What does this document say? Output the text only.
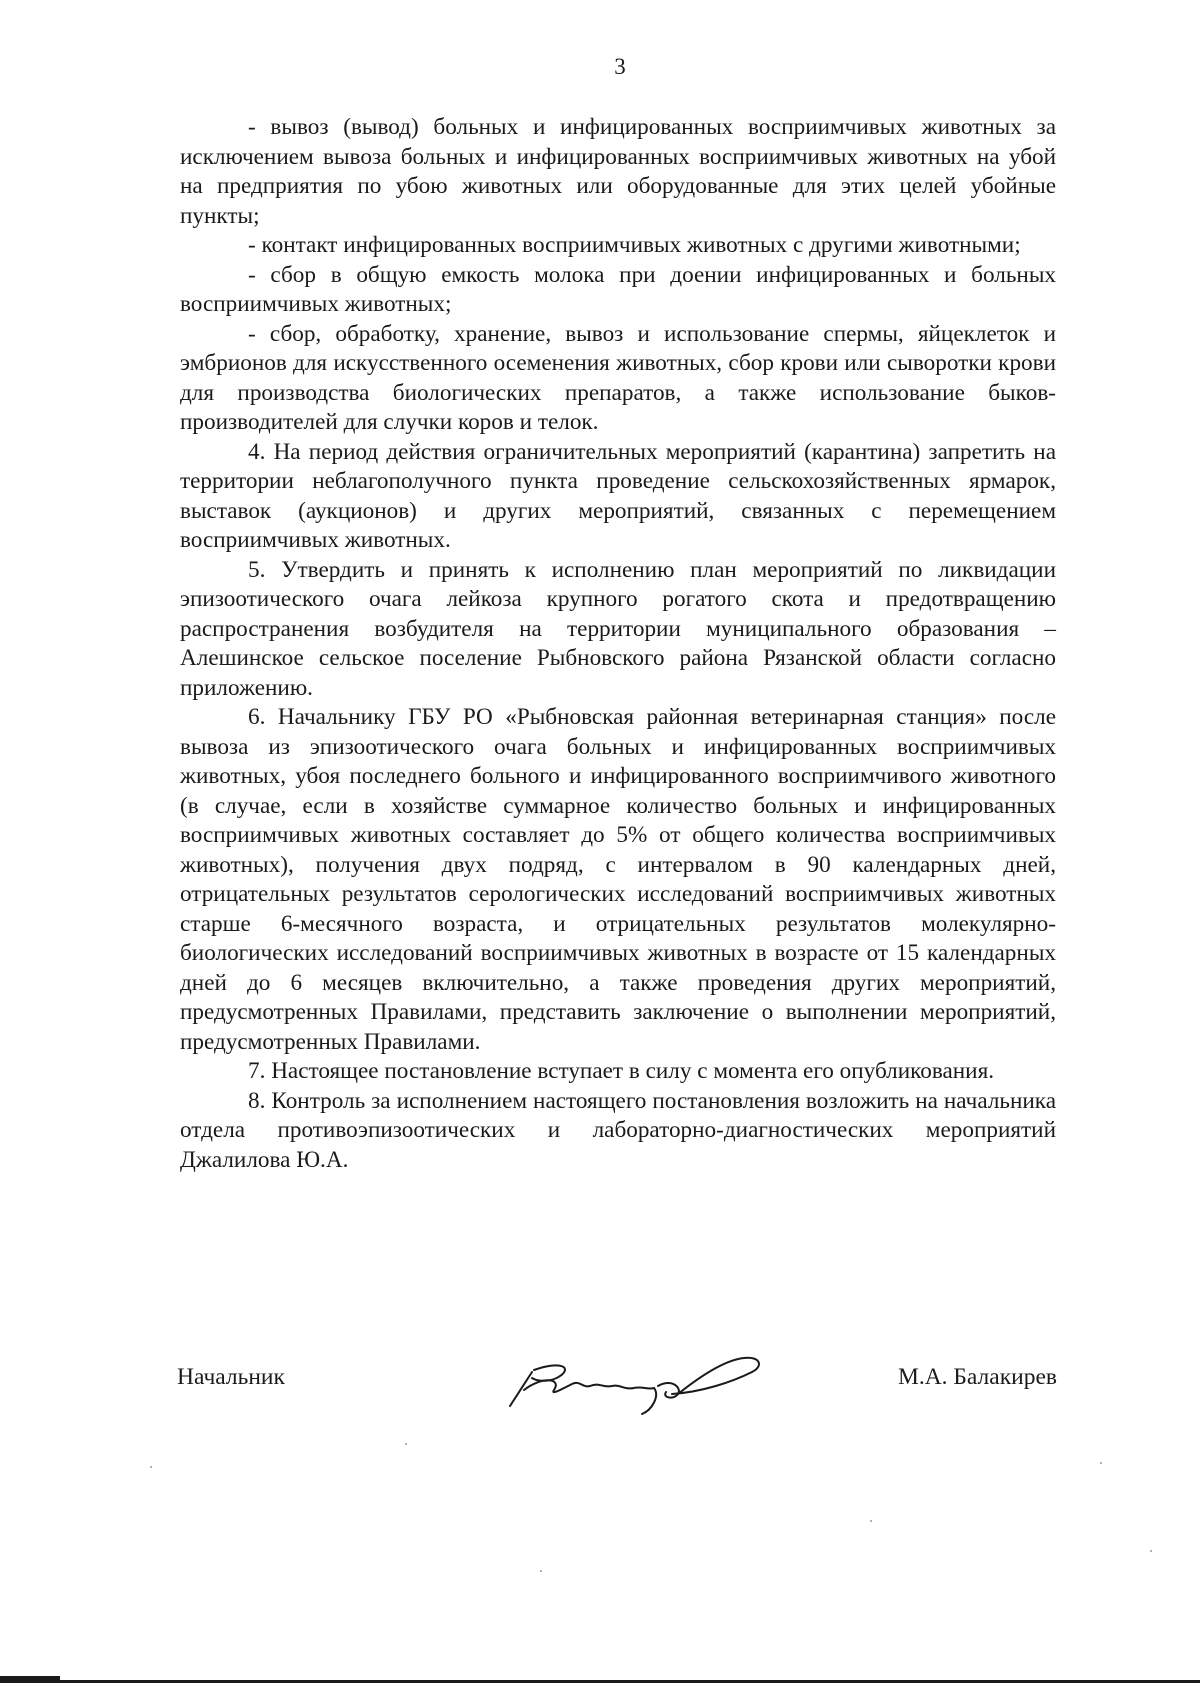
3

- вывоз (вывод) больных и инфицированных восприимчивых животных за исключением вывоза больных и инфицированных восприимчивых животных на убой на предприятия по убою животных или оборудованные для этих целей убойные пункты;

- контакт инфицированных восприимчивых животных с другими животными;

- сбор в общую емкость молока при доении инфицированных и больных восприимчивых животных;

- сбор, обработку, хранение, вывоз и использование спермы, яйцеклеток и эмбрионов для искусственного осеменения животных, сбор крови или сыворотки крови для производства биологических препаратов, а также использование быков-производителей для случки коров и телок.

4. На период действия ограничительных мероприятий (карантина) запретить на территории неблагополучного пункта проведение сельскохозяйственных ярмарок, выставок (аукционов) и других мероприятий, связанных с перемещением восприимчивых животных.

5. Утвердить и принять к исполнению план мероприятий по ликвидации эпизоотического очага лейкоза крупного рогатого скота и предотвращению распространения возбудителя на территории муниципального образования – Алешинское сельское поселение Рыбновского района Рязанской области согласно приложению.

6. Начальнику ГБУ РО «Рыбновская районная ветеринарная станция» после вывоза из эпизоотического очага больных и инфицированных восприимчивых животных, убоя последнего больного и инфицированного восприимчивого животного (в случае, если в хозяйстве суммарное количество больных и инфицированных восприимчивых животных составляет до 5% от общего количества восприимчивых животных), получения двух подряд, с интервалом в 90 календарных дней, отрицательных результатов серологических исследований восприимчивых животных старше 6-месячного возраста, и отрицательных результатов молекулярно-биологических исследований восприимчивых животных в возрасте от 15 календарных дней до 6 месяцев включительно, а также проведения других мероприятий, предусмотренных Правилами, представить заключение о выполнении мероприятий, предусмотренных Правилами.

7. Настоящее постановление вступает в силу с момента его опубликования.

8. Контроль за исполнением настоящего постановления возложить на начальника отдела противоэпизоотических и лабораторно-диагностических мероприятий Джалилова Ю.А.

Начальник	М.А. Балакирев
